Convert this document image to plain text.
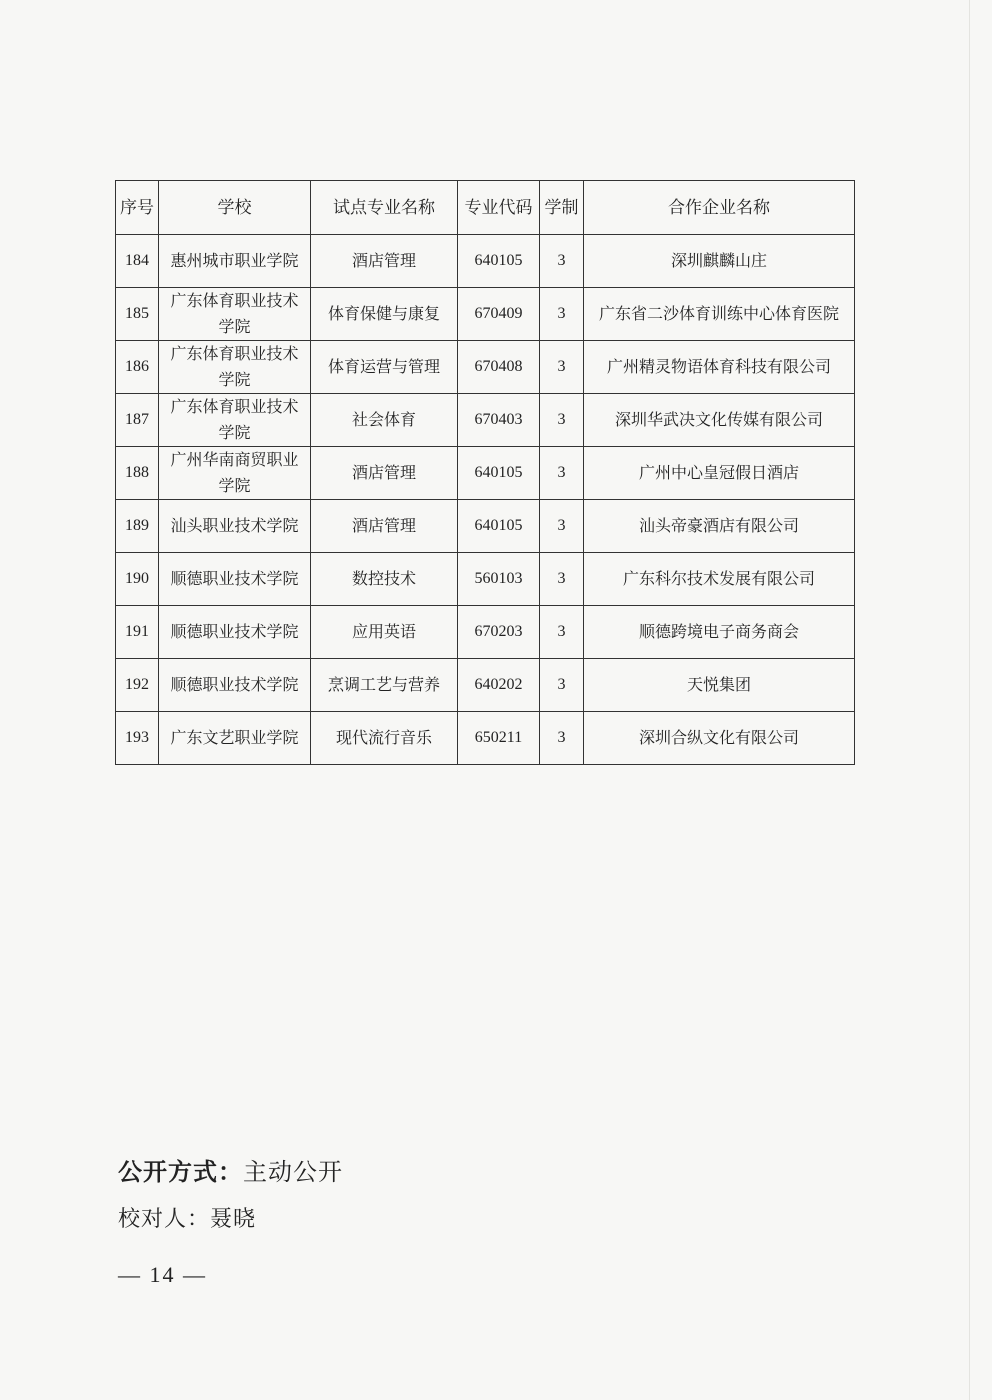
序号	学校	试点专业名称	专业代码	学制	合作企业名称
184	惠州城市职业学院	酒店管理	640105	3	深圳麒麟山庄
185	广东体育职业技术学院	体育保健与康复	670409	3	广东省二沙体育训练中心体育医院
186	广东体育职业技术学院	体育运营与管理	670408	3	广州精灵物语体育科技有限公司
187	广东体育职业技术学院	社会体育	670403	3	深圳华武决文化传媒有限公司
188	广州华南商贸职业学院	酒店管理	640105	3	广州中心皇冠假日酒店
189	汕头职业技术学院	酒店管理	640105	3	汕头帝豪酒店有限公司
190	顺德职业技术学院	数控技术	560103	3	广东科尔技术发展有限公司
191	顺德职业技术学院	应用英语	670203	3	顺德跨境电子商务商会
192	顺德职业技术学院	烹调工艺与营养	640202	3	天悦集团
193	广东文艺职业学院	现代流行音乐	650211	3	深圳合纵文化有限公司
公开方式：主动公开
校对人：聂晓
— 14 —
